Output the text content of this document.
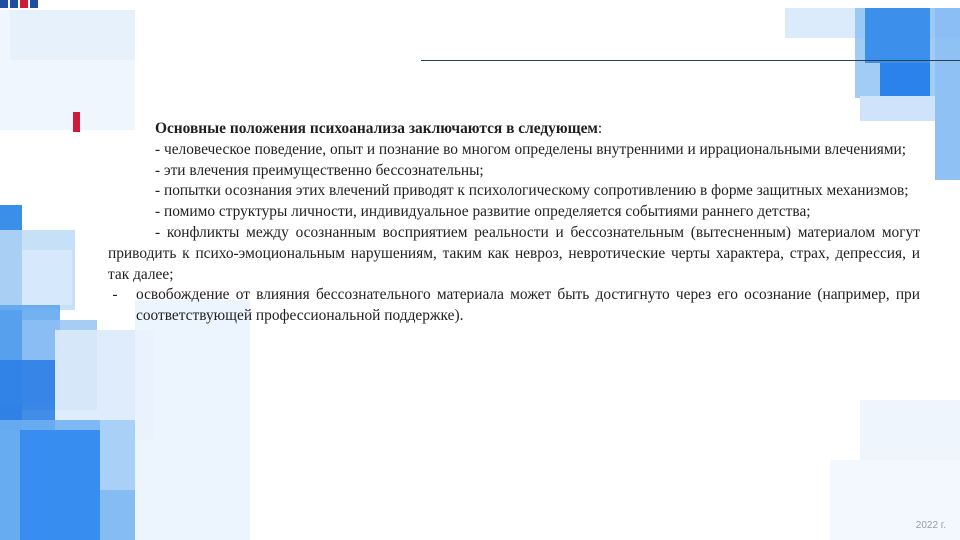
Основные положения психоанализа заключаются в следующем:

- человеческое поведение, опыт и познание во многом определены внутренними и иррациональными влечениями;

- эти влечения преимущественно бессознательны;

- попытки осознания этих влечений приводят к психологическому сопротивлению в форме защитных механизмов;

- помимо структуры личности, индивидуальное развитие определяется событиями раннего детства;

- конфликты между осознанным восприятием реальности и бессознательным (вытесненным) материалом могут приводить к психо-эмоциональным нарушениям, таким как невроз, невротические черты характера, страх, депрессия, и так далее;

- освобождение от влияния бессознательного материала может быть достигнуто через его осознание (например, при соответствующей профессиональной поддержке).
2022 г.
